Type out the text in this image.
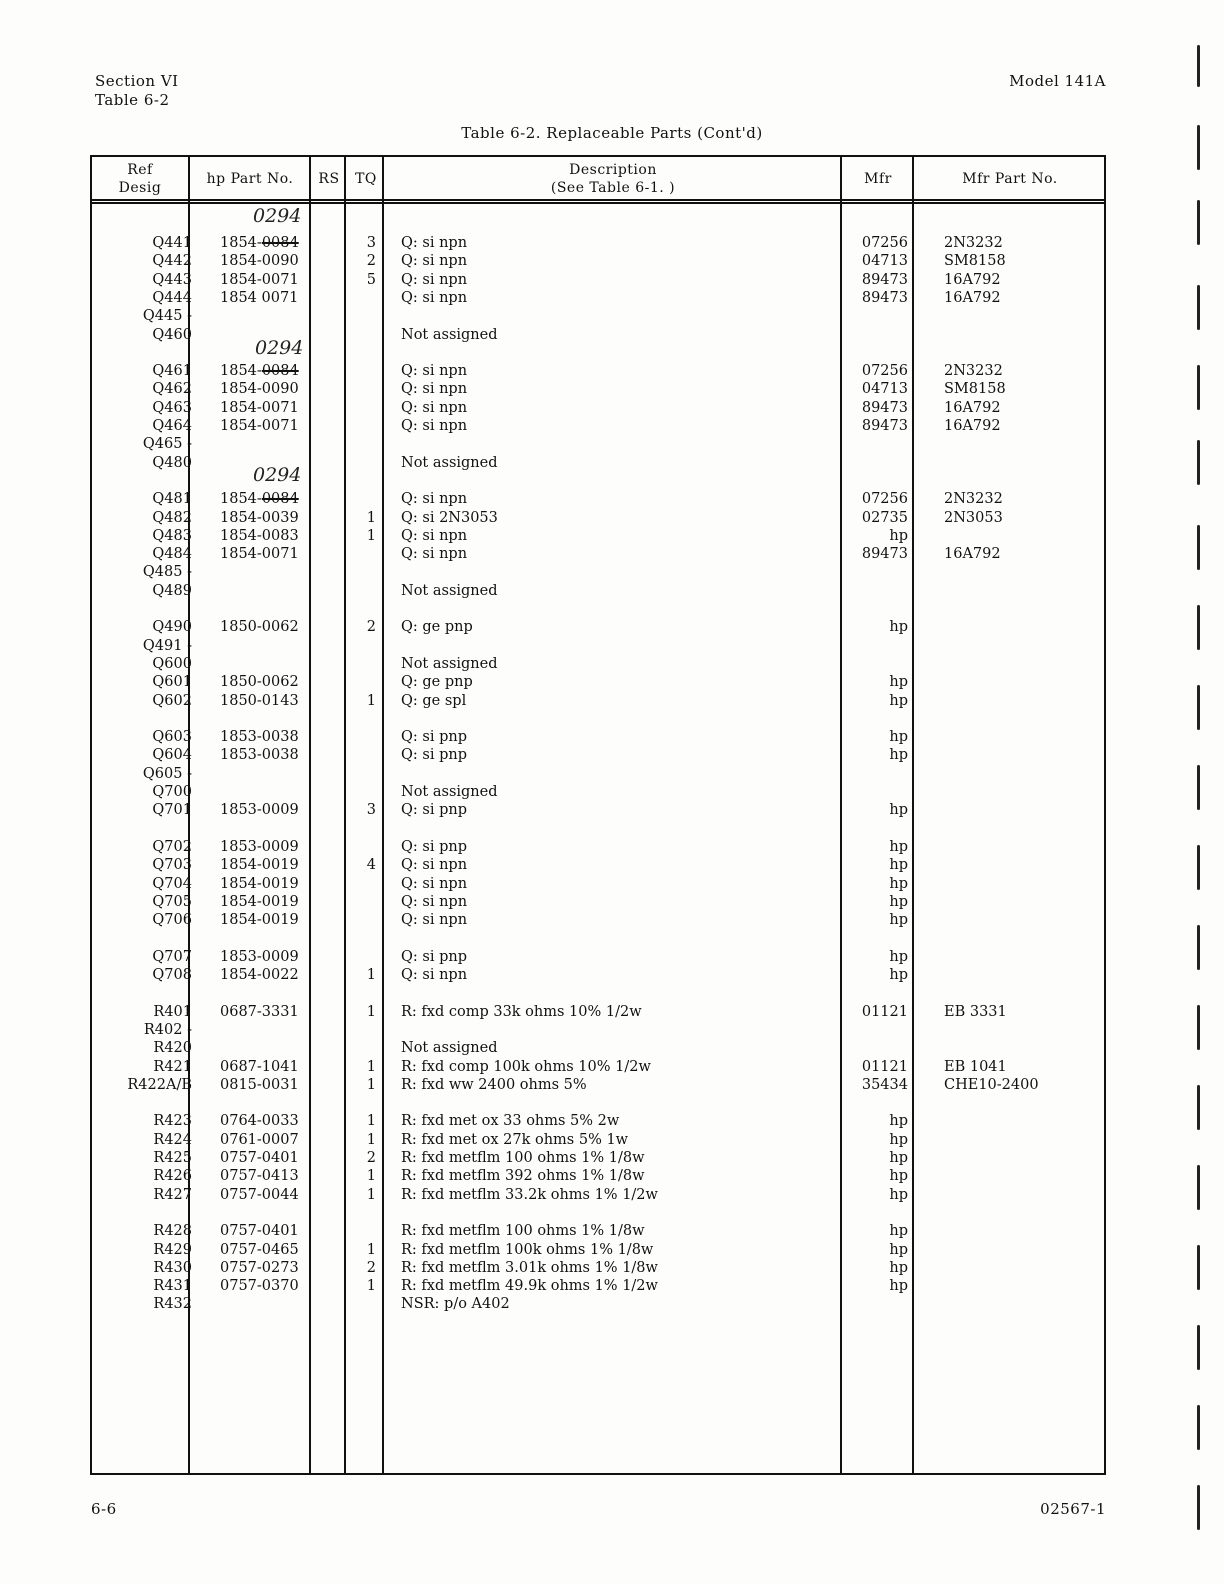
Section VI
Table 6-2
Model 141A
Table 6-2. Replaceable Parts (Cont'd)
Ref
Desig
hp Part No.	RS	TQ
Description
(See Table 6-1. )
Mfr	Mfr Part No.
Q441 1854-0084	3 Q: si npn	07256 2N3232
Q442 1854-0090	2 Q: si npn	04713 SM8158
Q443 1854-0071	5 Q: si npn	89473 16A792
Q444 1854 0071	Q: si npn	89473 16A792
Q445 -
Q460	Not assigned
Q461 1854-0084	Q: si npn	07256 2N3232
Q462 1854-0090	Q: si npn	04713 SM8158
Q463 1854-0071	Q: si npn	89473 16A792
Q464 1854-0071	Q: si npn	89473 16A792
Q465 -
Q480	Not assigned
Q481 1854-0084	Q: si npn	07256 2N3232
Q482 1854-0039	1 Q: si 2N3053	02735 2N3053
Q483 1854-0083	1 Q: si npn	hp
Q484 1854-0071	Q: si npn	89473 16A792
Q485 -
Q489	Not assigned
Q490 1850-0062	2 Q: ge pnp	hp
Q491 -
Q600	Not assigned
Q601 1850-0062	Q: ge pnp	hp
Q602 1850-0143	1 Q: ge spl	hp
Q603 1853-0038	Q: si pnp	hp
Q604 1853-0038	Q: si pnp	hp
Q605 -
Q700	Not assigned
Q701 1853-0009	3 Q: si pnp	hp
Q702 1853-0009	Q: si pnp	hp
Q703 1854-0019	4 Q: si npn	hp
Q704 1854-0019	Q: si npn	hp
Q705 1854-0019	Q: si npn	hp
Q706 1854-0019	Q: si npn	hp
Q707 1853-0009	Q: si pnp	hp
Q708 1854-0022	1 Q: si npn	hp
R401 0687-3331	1 R: fxd comp 33k ohms 10% 1/2w	01121 EB 3331
R402 -
R420	Not assigned
R421 0687-1041	1 R: fxd comp 100k ohms 10% 1/2w	01121 EB 1041
R422A/B 0815-0031	1 R: fxd ww 2400 ohms 5%	35434 CHE10-2400
R423 0764-0033	1 R: fxd met ox 33 ohms 5% 2w	hp
R424 0761-0007	1 R: fxd met ox 27k ohms 5% 1w	hp
R425 0757-0401	2 R: fxd metflm 100 ohms 1% 1/8w	hp
R426 0757-0413	1 R: fxd metflm 392 ohms 1% 1/8w	hp
R427 0757-0044	1 R: fxd metflm 33.2k ohms 1% 1/2w	hp
R428 0757-0401	R: fxd metflm 100 ohms 1% 1/8w	hp
R429 0757-0465	1 R: fxd metflm 100k ohms 1% 1/8w	hp
R430 0757-0273	2 R: fxd metflm 3.01k ohms 1% 1/8w	hp
R431 0757-0370	1 R: fxd metflm 49.9k ohms 1% 1/2w	hp
R432	NSR: p/o A402
0294
0294
0294
6-6	02567-1
